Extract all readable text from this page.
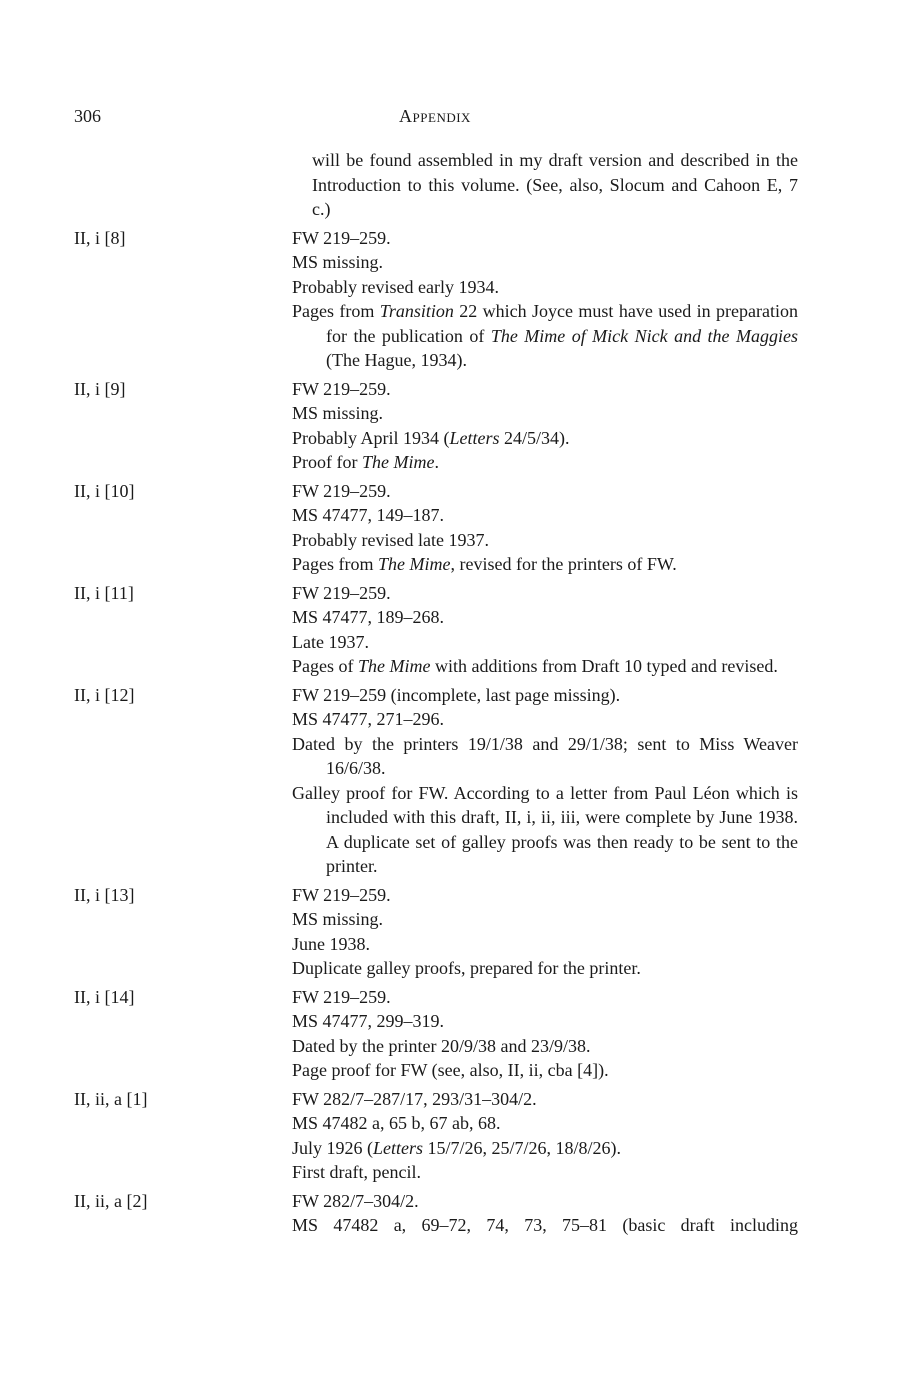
306	Appendix

will be found assembled in my draft version and described in the Introduction to this volume. (See, also, Slocum and Cahoon E, 7 c.)

II, i [8]	FW 219–259.

MS missing.

Probably revised early 1934.

Pages from Transition 22 which Joyce must have used in preparation for the publication of The Mime of Mick Nick and the Maggies (The Hague, 1934).

II, i [9]	FW 219–259.

MS missing.

Probably April 1934 (Letters 24/5/34).

Proof for The Mime.

II, i [10]	FW 219–259.

MS 47477, 149–187.

Probably revised late 1937.

Pages from The Mime, revised for the printers of FW.

II, i [11]	FW 219–259.

MS 47477, 189–268.

Late 1937.

Pages of The Mime with additions from Draft 10 typed and revised.

II, i [12]	FW 219–259 (incomplete, last page missing).

MS 47477, 271–296.

Dated by the printers 19/1/38 and 29/1/38; sent to Miss Weaver 16/6/38.

Galley proof for FW. According to a letter from Paul Léon which is included with this draft, II, i, ii, iii, were complete by June 1938. A duplicate set of galley proofs was then ready to be sent to the printer.

II, i [13]	FW 219–259.

MS missing.

June 1938.

Duplicate galley proofs, prepared for the printer.

II, i [14]	FW 219–259.

MS 47477, 299–319.

Dated by the printer 20/9/38 and 23/9/38.

Page proof for FW (see, also, II, ii, cba [4]).

II, ii, a [1]	FW 282/7–287/17, 293/31–304/2.

MS 47482 a, 65 b, 67 ab, 68.

July 1926 (Letters 15/7/26, 25/7/26, 18/8/26).

First draft, pencil.

II, ii, a [2]	FW 282/7–304/2.

MS 47482 a, 69–72, 74, 73, 75–81 (basic draft including
